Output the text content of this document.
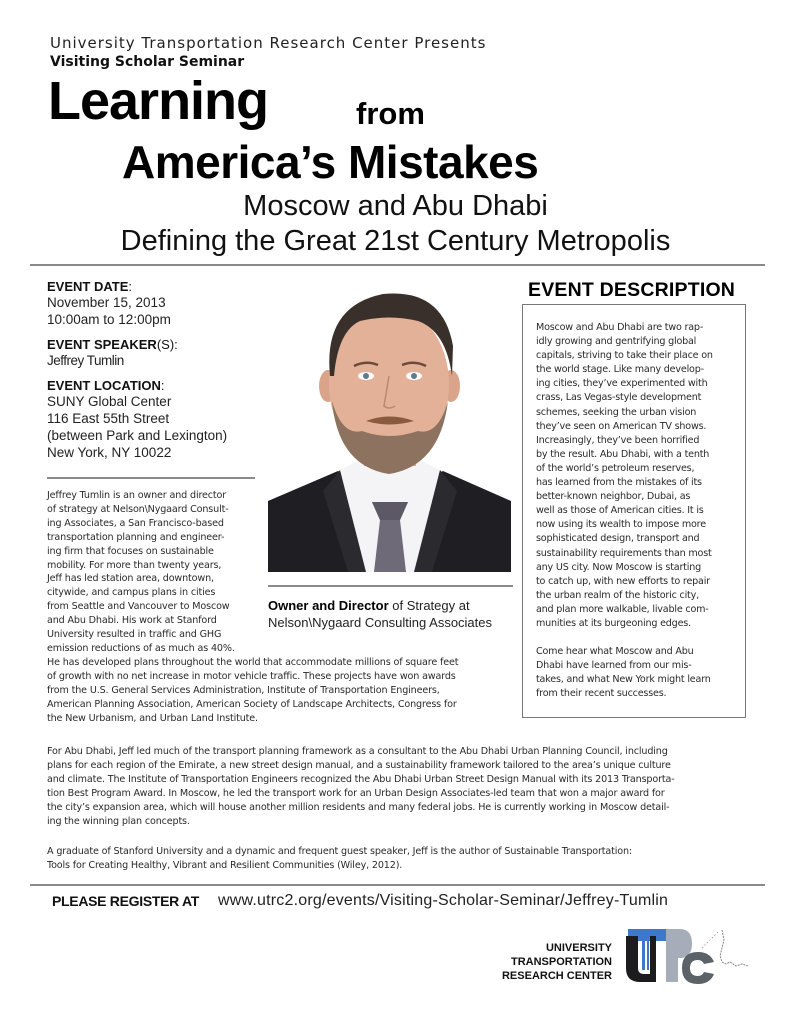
University Transportation Research Center Presents
Visiting Scholar Seminar
Learning	from
America’s Mistakes
Moscow and Abu Dhabi
Defining the Great 21st Century Metropolis
EVENT DATE:
November 15, 2013
10:00am to 12:00pm
EVENT SPEAKER(S):
Jeffrey Tumlin
EVENT LOCATION:
SUNY Global Center
116 East 55th Street
(between Park and Lexington)
New York, NY 10022
Jeffrey Tumlin is an owner and director
of strategy at Nelson\Nygaard Consult-
ing Associates, a San Francisco-based
transportation planning and engineer-
ing firm that focuses on sustainable
mobility. For more than twenty years,
Jeff has led station area, downtown,
citywide, and campus plans in cities
from Seattle and Vancouver to Moscow
and Abu Dhabi. His work at Stanford
University resulted in traffic and GHG
emission reductions of as much as 40%.
He has developed plans throughout the world that accommodate millions of square feet
of growth with no net increase in motor vehicle traffic. These projects have won awards
from the U.S. General Services Administration, Institute of Transportation Engineers,
American Planning Association, American Society of Landscape Architects, Congress for
the New Urbanism, and Urban Land Institute.
Owner and Director of Strategy at Nelson\Nygaard Consulting Associates
EVENT DESCRIPTION

Moscow and Abu Dhabi are two rap-
idly growing and gentrifying global
capitals, striving to take their place on
the world stage. Like many develop-
ing cities, they’ve experimented with
crass, Las Vegas-style development
schemes, seeking the urban vision
they’ve seen on American TV shows.
Increasingly, they’ve been horrified
by the result. Abu Dhabi, with a tenth
of the world’s petroleum reserves,
has learned from the mistakes of its
better-known neighbor, Dubai, as
well as those of American cities. It is
now using its wealth to impose more
sophisticated design, transport and
sustainability requirements than most
any US city. Now Moscow is starting
to catch up, with new efforts to repair
the urban realm of the historic city,
and plan more walkable, livable com-
munities at its burgeoning edges.

Come hear what Moscow and Abu
Dhabi have learned from our mis-
takes, and what New York might learn
from their recent successes.

For Abu Dhabi, Jeff led much of the transport planning framework as a consultant to the Abu Dhabi Urban Planning Council, including
plans for each region of the Emirate, a new street design manual, and a sustainability framework tailored to the area’s unique culture
and climate. The Institute of Transportation Engineers recognized the Abu Dhabi Urban Street Design Manual with its 2013 Transporta-
tion Best Program Award. In Moscow, he led the transport work for an Urban Design Associates-led team that won a major award for
the city’s expansion area, which will house another million residents and many federal jobs. He is currently working in Moscow detail-
ing the winning plan concepts.
A graduate of Stanford University and a dynamic and frequent guest speaker, Jeff is the author of Sustainable Transportation:
Tools for Creating Healthy, Vibrant and Resilient Communities (Wiley, 2012).
PLEASE REGISTER AT www.utrc2.org/events/Visiting-Scholar-Seminar/Jeffrey-Tumlin
UNIVERSITY
TRANSPORTATION
RESEARCH CENTER
